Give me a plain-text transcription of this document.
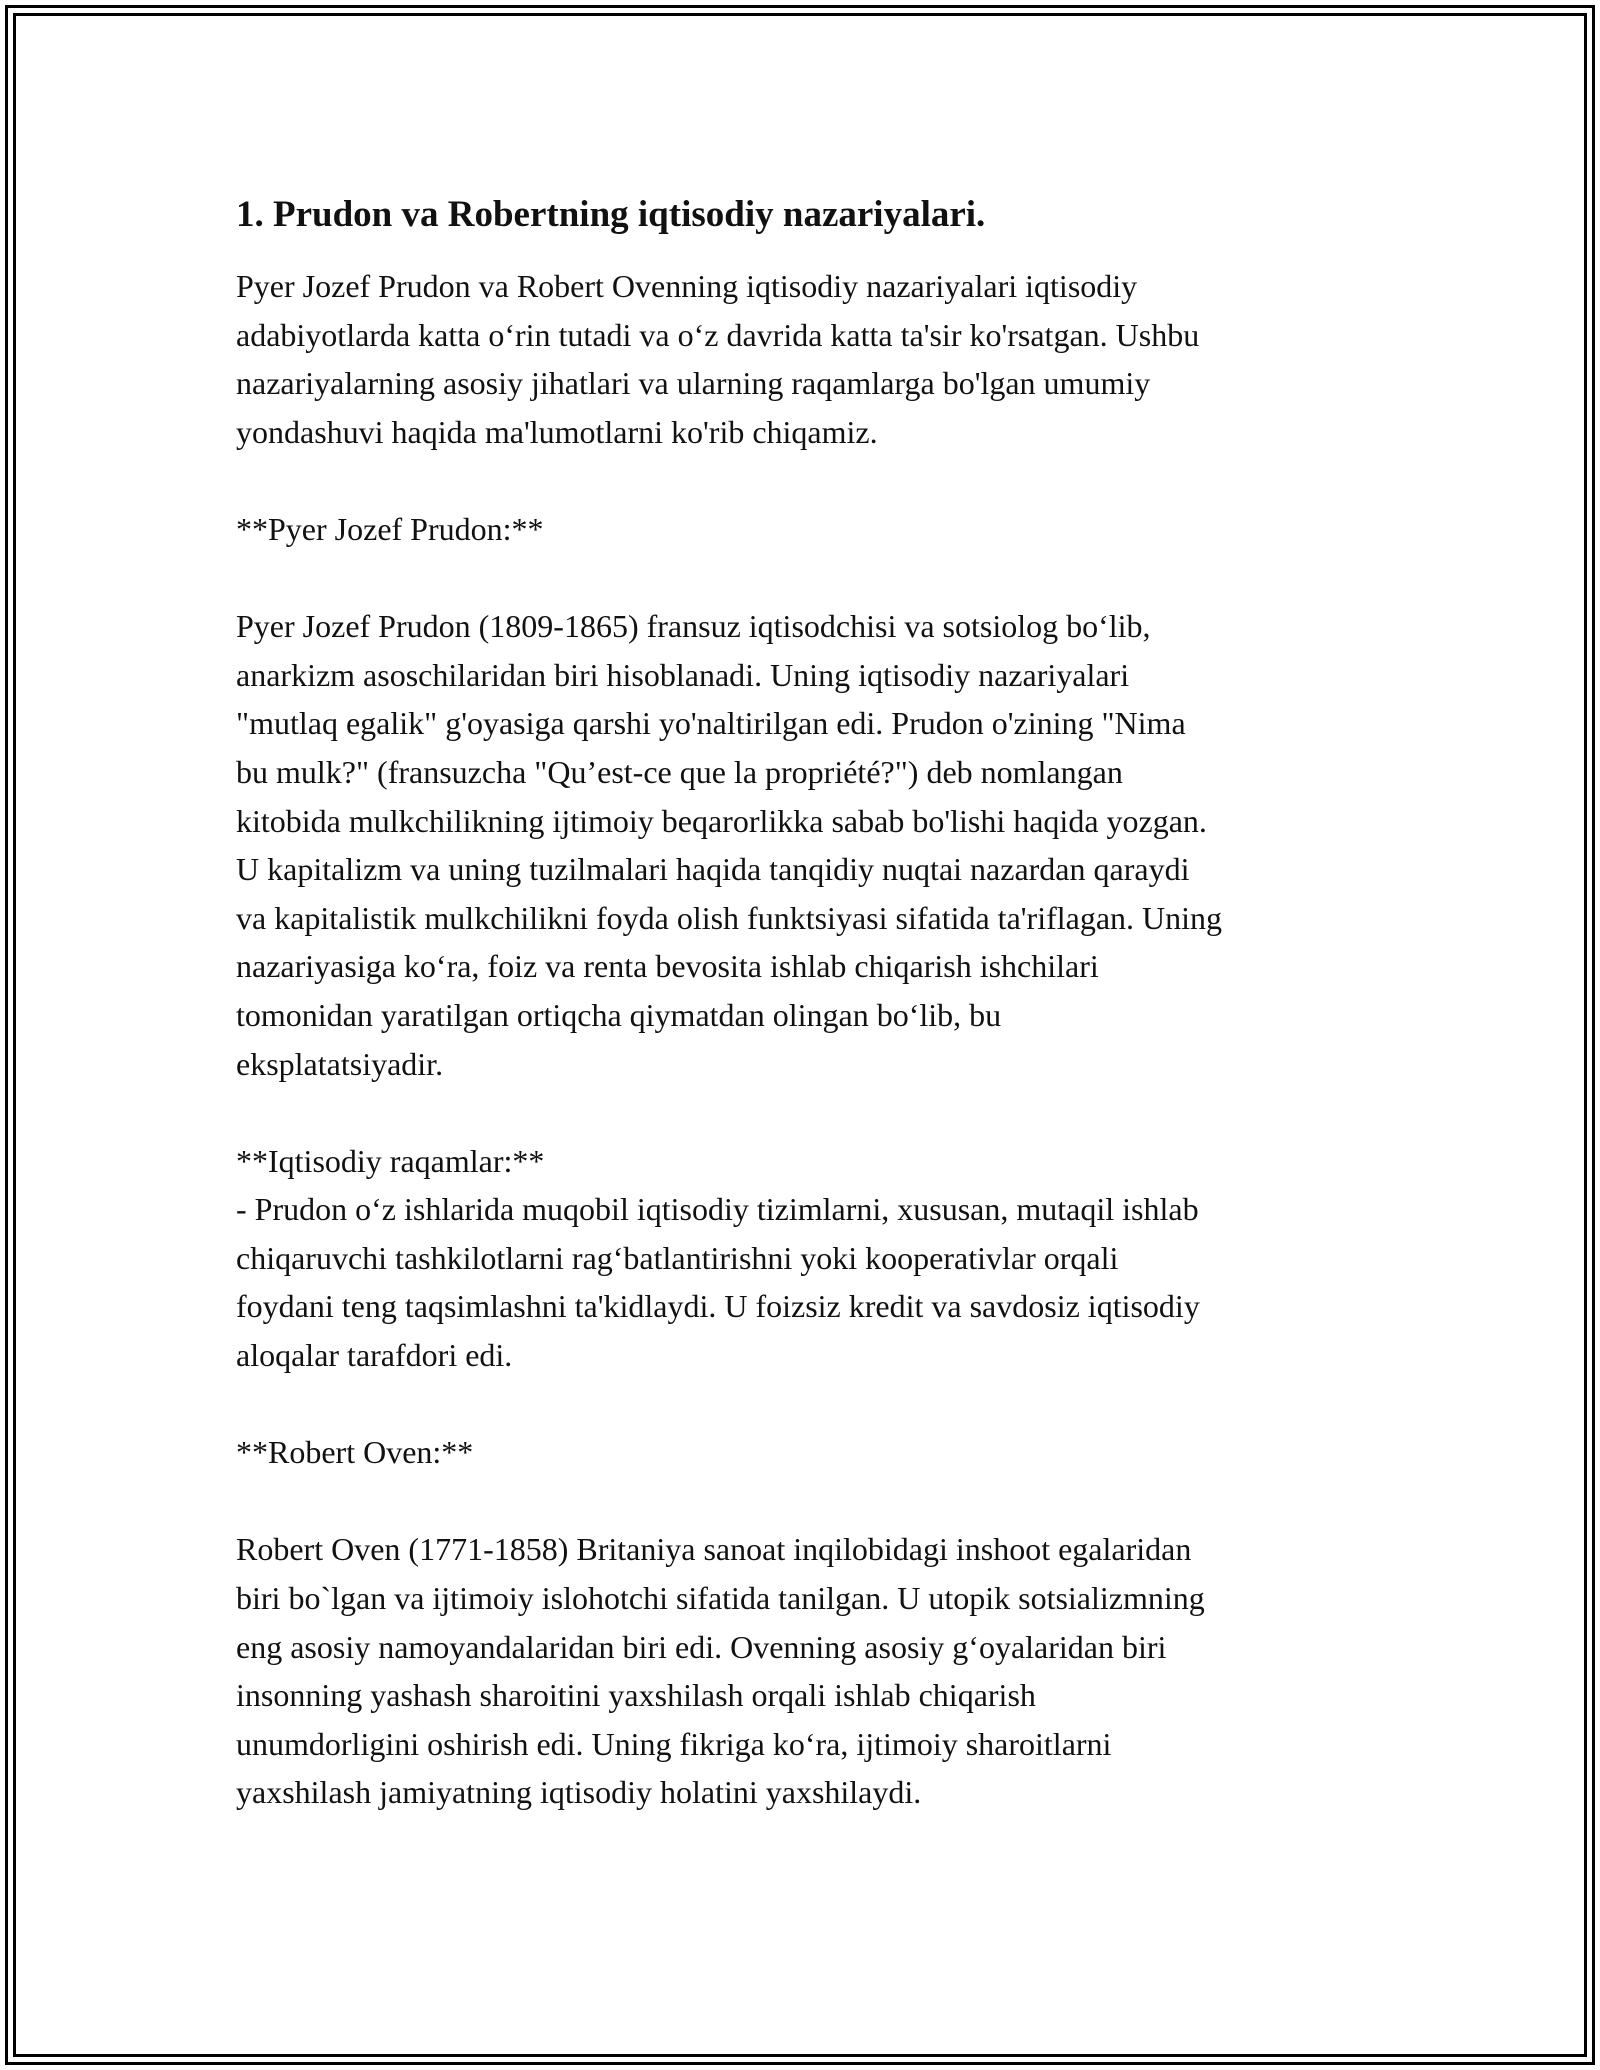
1. Prudon va Robertning iqtisodiy nazariyalari.

Pyer Jozef Prudon va Robert Ovenning iqtisodiy nazariyalari iqtisodiy
adabiyotlarda katta o‘rin tutadi va o‘z davrida katta ta'sir ko'rsatgan. Ushbu
nazariyalarning asosiy jihatlari va ularning raqamlarga bo'lgan umumiy
yondashuvi haqida ma'lumotlarni ko'rib chiqamiz.

**Pyer Jozef Prudon:**

Pyer Jozef Prudon (1809-1865) fransuz iqtisodchisi va sotsiolog bo‘lib,
anarkizm asoschilaridan biri hisoblanadi. Uning iqtisodiy nazariyalari
"mutlaq egalik" g'oyasiga qarshi yo'naltirilgan edi. Prudon o'zining "Nima
bu mulk?" (fransuzcha "Qu’est-ce que la propriété?") deb nomlangan
kitobida mulkchilikning ijtimoiy beqarorlikka sabab bo'lishi haqida yozgan.
U kapitalizm va uning tuzilmalari haqida tanqidiy nuqtai nazardan qaraydi
va kapitalistik mulkchilikni foyda olish funktsiyasi sifatida ta'riflagan. Uning
nazariyasiga ko‘ra, foiz va renta bevosita ishlab chiqarish ishchilari
tomonidan yaratilgan ortiqcha qiymatdan olingan bo‘lib, bu
eksplatatsiyadir.

**Iqtisodiy raqamlar:**

- Prudon o‘z ishlarida muqobil iqtisodiy tizimlarni, xususan, mutaqil ishlab
chiqaruvchi tashkilotlarni rag‘batlantirishni yoki kooperativlar orqali
foydani teng taqsimlashni ta'kidlaydi. U foizsiz kredit va savdosiz iqtisodiy
aloqalar tarafdori edi.

**Robert Oven:**

Robert Oven (1771-1858) Britaniya sanoat inqilobidagi inshoot egalaridan
biri bo`lgan va ijtimoiy islohotchi sifatida tanilgan. U utopik sotsializmning
eng asosiy namoyandalaridan biri edi. Ovenning asosiy g‘oyalaridan biri
insonning yashash sharoitini yaxshilash orqali ishlab chiqarish
unumdorligini oshirish edi. Uning fikriga ko‘ra, ijtimoiy sharoitlarni
yaxshilash jamiyatning iqtisodiy holatini yaxshilaydi.
